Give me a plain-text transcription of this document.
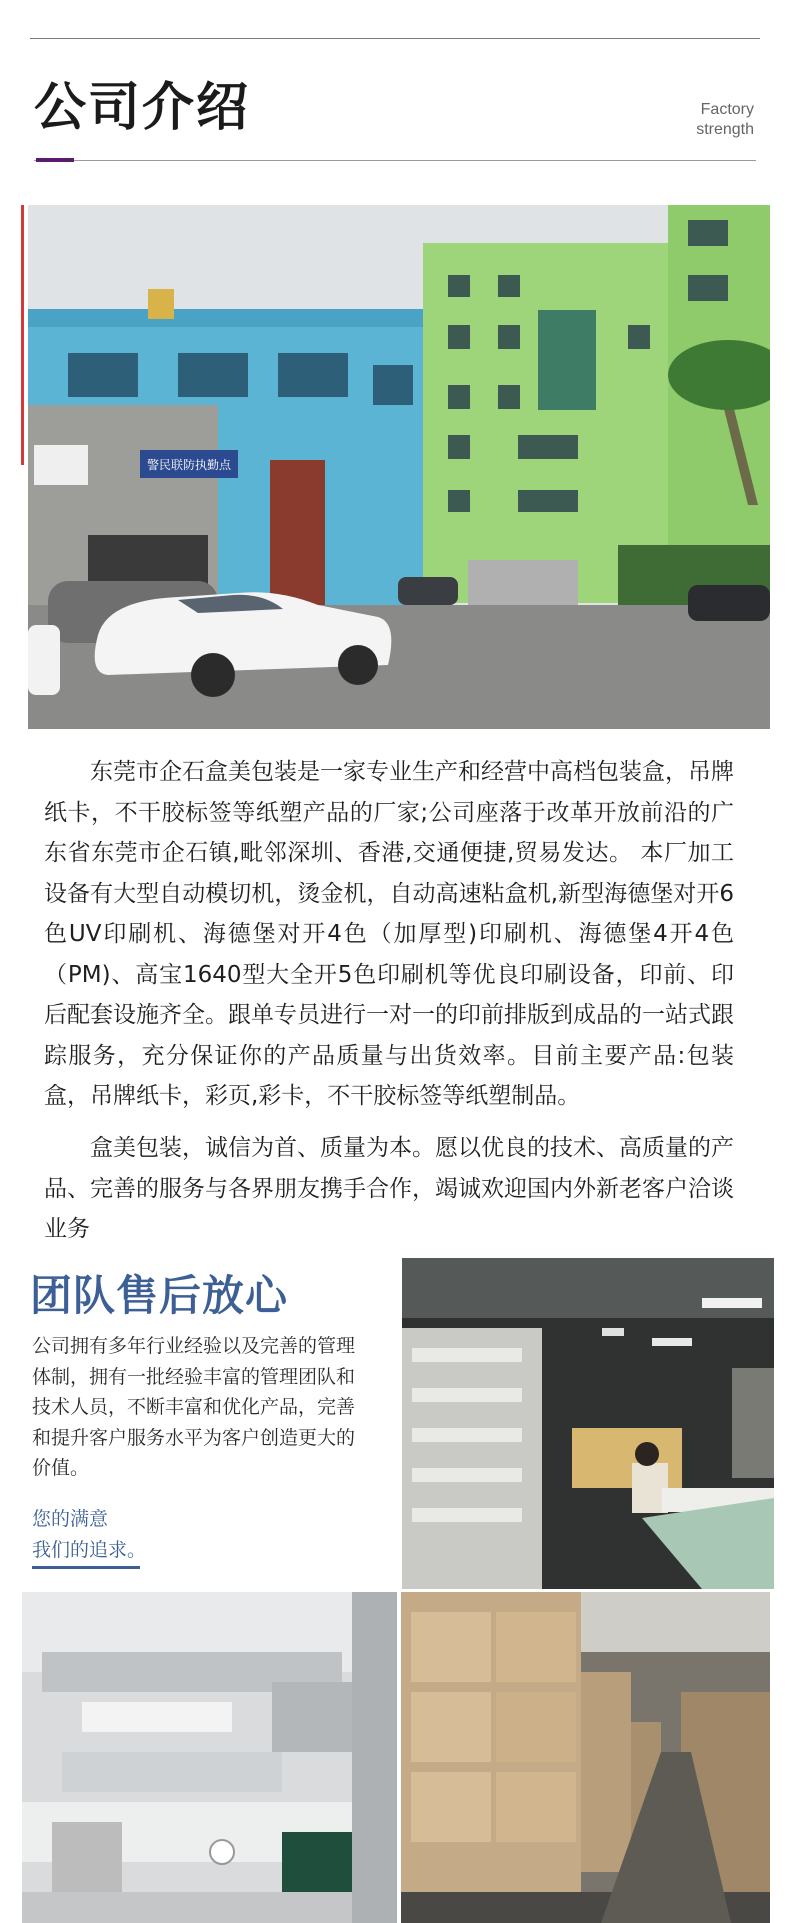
公司介绍	Factory
strength
警民联防执勤点

东莞市企石盒美包装是一家专业生产和经营中高档包装盒，吊牌纸卡，不干胶标签等纸塑产品的厂家;公司座落于改革开放前沿的广东省东莞市企石镇,毗邻深圳、香港,交通便捷,贸易发达。 本厂加工设备有大型自动模切机，烫金机，自动高速粘盒机,新型海德堡对开6色UV印刷机、海德堡对开4色（加厚型)印刷机、海德堡4开4色 （PM)、高宝1640型大全开5色印刷机等优良印刷设备，印前、印后配套设施齐全。跟单专员进行一对一的印前排版到成品的一站式跟踪服务，充分保证你的产品质量与出货效率。目前主要产品:包装盒，吊牌纸卡，彩页,彩卡，不干胶标签等纸塑制品。

盒美包装，诚信为首、质量为本。愿以优良的技术、高质量的产品、完善的服务与各界朋友携手合作，竭诚欢迎国内外新老客户洽谈业务

团队售后放心

公司拥有多年行业经验以及完善的管理体制，拥有一批经验丰富的管理团队和技术人员，不断丰富和优化产品，完善和提升客户服务水平为客户创造更大的价值。

您的满意
我们的追求。
